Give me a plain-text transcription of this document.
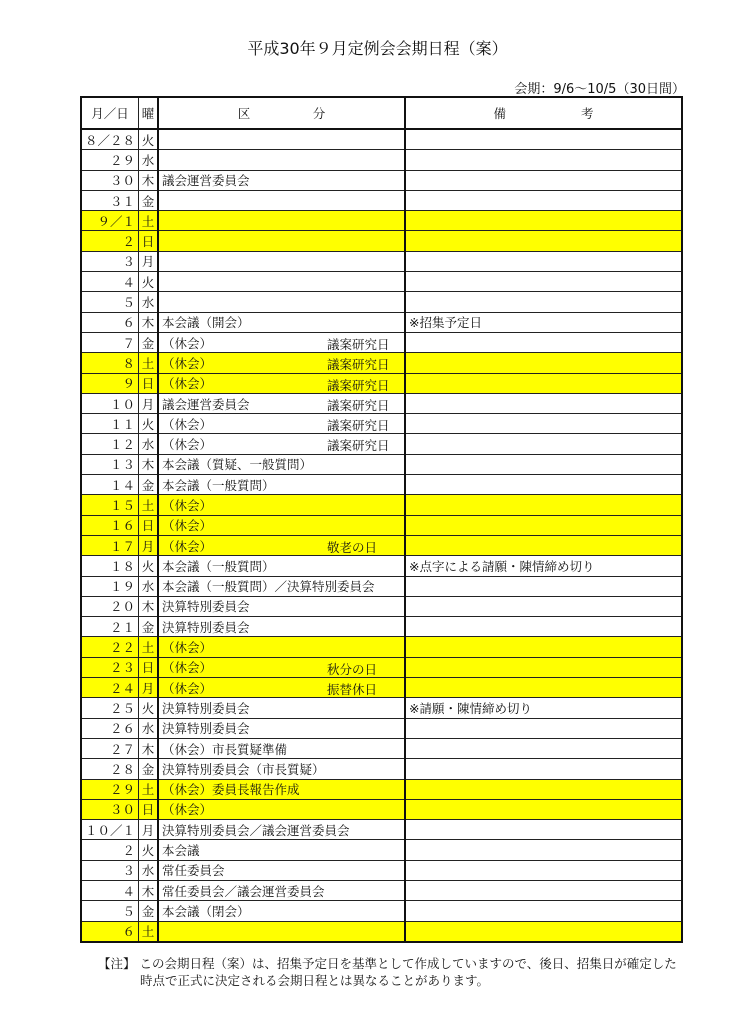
平成30年９月定例会会期日程（案）
会期：9/6～10/5（30日間）
月／日	曜	区　　　　　分	備　　　　　　考
８／２８	火	

２９	水	

３０	木	議会運営委員会

３１	金	

９／１	土	

２	日	

３	月	

４	火	

５	水	

６	木	本会議（開会）	※招集予定日
７	金	（休会） 議案研究日	

８	土	（休会） 議案研究日	

９	日	（休会） 議案研究日	

１０	月	議会運営委員会 議案研究日	

１１	火	（休会） 議案研究日	

１２	水	（休会） 議案研究日	

１３	木	本会議（質疑、一般質問）

１４	金	本会議（一般質問）

１５	土	（休会）

１６	日	（休会）

１７	月	（休会） 敬老の日	

１８	火	本会議（一般質問）	※点字による請願・陳情締め切り
１９	水	本会議（一般質問）／決算特別委員会

２０	木	決算特別委員会

２１	金	決算特別委員会

２２	土	（休会）

２３	日	（休会） 秋分の日	

２４	月	（休会） 振替休日	

２５	火	決算特別委員会	※請願・陳情締め切り
２６	水	決算特別委員会

２７	木	（休会）市長質疑準備

２８	金	決算特別委員会（市長質疑）

２９	土	（休会）委員長報告作成

３０	日	（休会）

１０／１	月	決算特別委員会／議会運営委員会

２	火	本会議

３	水	常任委員会

４	木	常任委員会／議会運営委員会

５	金	本会議（閉会）

６	土	

【注】 この会期日程（案）は、招集予定日を基準として作成していますので、後日、招集日が確定した
時点で正式に決定される会期日程とは異なることがあります。
